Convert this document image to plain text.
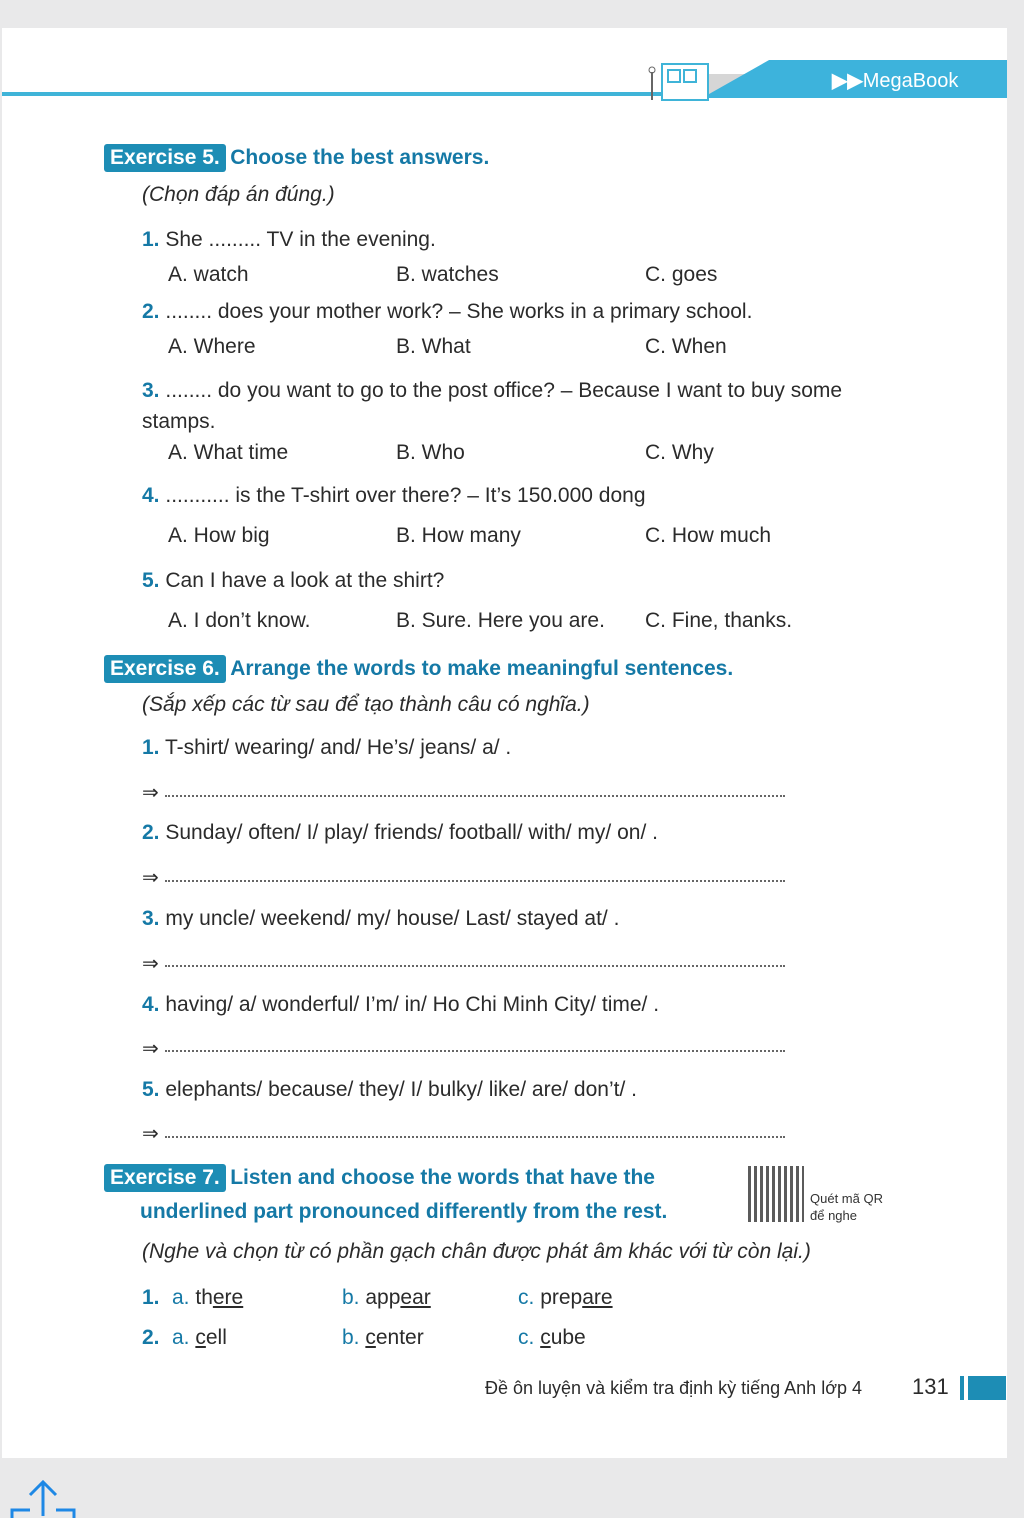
▶▶MegaBook
Exercise 5. Choose the best answers.
(Chọn đáp án đúng.)
1. She ......... TV in the evening.
A. watch	B. watches	C. goes
2. ........ does your mother work? – She works in a primary school.
A. Where	B. What	C. When
3. ........ do you want to go to the post office? – Because I want to buy some stamps.
A. What time	B. Who	C. Why
4. ........... is the T-shirt over there? – It’s 150.000 dong
A. How big	B. How many	C. How much
5. Can I have a look at the shirt?
A. I don’t know.	B. Sure. Here you are. C. Fine, thanks.
Exercise 6. Arrange the words to make meaningful sentences.
(Sắp xếp các từ sau để tạo thành câu có nghĩa.)
1. T-shirt/ wearing/ and/ He’s/ jeans/ a/ .
⇒
2. Sunday/ often/ I/ play/ friends/ football/ with/ my/ on/ .
⇒
3. my uncle/ weekend/ my/ house/ Last/ stayed at/ .
⇒
4. having/ a/ wonderful/ I’m/ in/ Ho Chi Minh City/ time/ .
⇒
5. elephants/ because/ they/ I/ bulky/ like/ are/ don’t/ .
⇒
Exercise 7. Listen and choose the words that have the
underlined part pronounced differently from the rest.
Quét mã QR
để nghe
(Nghe và chọn từ có phần gạch chân được phát âm khác với từ còn lại.)
1. a. there	b. appear	c. prepare
2. a. cell	b. center	c. cube
Đề ôn luyện và kiểm tra định kỳ tiếng Anh lớp 4 131
